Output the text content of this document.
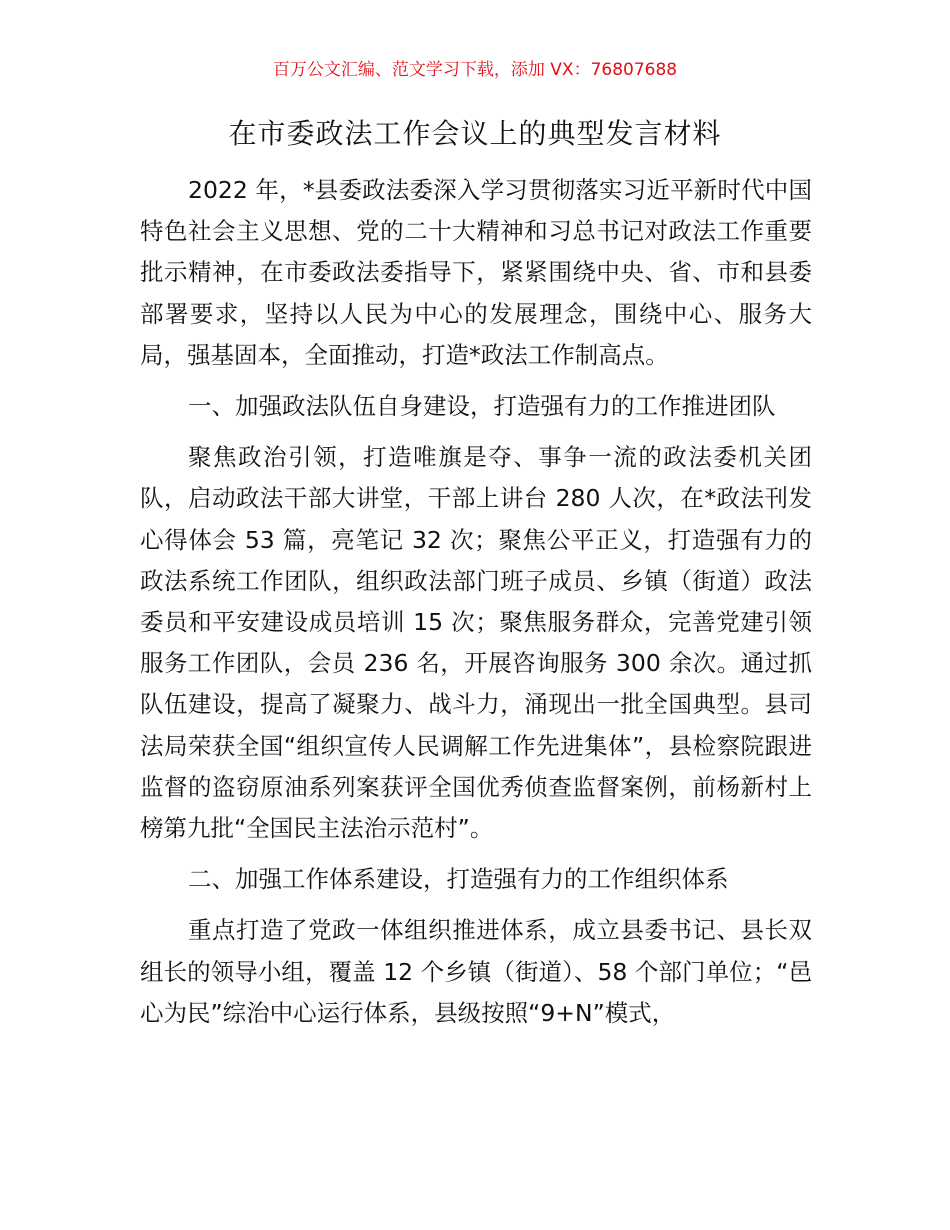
百万公文汇编、范文学习下载，添加 VX：76807688
在市委政法工作会议上的典型发言材料

2022 年，*县委政法委深入学习贯彻落实习近平新时代中国特色社会主义思想、党的二十大精神和习总书记对政法工作重要批示精神，在市委政法委指导下，紧紧围绕中央、省、市和县委部署要求，坚持以人民为中心的发展理念，围绕中心、服务大局，强基固本，全面推动，打造*政法工作制高点。

一、加强政法队伍自身建设，打造强有力的工作推进团队

聚焦政治引领，打造唯旗是夺、事争一流的政法委机关团队，启动政法干部大讲堂，干部上讲台 280 人次，在*政法刊发心得体会 53 篇，亮笔记 32 次；聚焦公平正义，打造强有力的政法系统工作团队，组织政法部门班子成员、乡镇（街道）政法委员和平安建设成员培训 15 次；聚焦服务群众，完善党建引领服务工作团队，会员 236 名，开展咨询服务 300 余次。通过抓队伍建设，提高了凝聚力、战斗力，涌现出一批全国典型。县司法局荣获全国“组织宣传人民调解工作先进集体”，县检察院跟进监督的盗窃原油系列案获评全国优秀侦查监督案例，前杨新村上榜第九批“全国民主法治示范村”。

二、加强工作体系建设，打造强有力的工作组织体系

重点打造了党政一体组织推进体系，成立县委书记、县长双组长的领导小组，覆盖 12 个乡镇（街道）、58 个部门单位；“邑心为民”综治中心运行体系，县级按照“9+N”模式，
